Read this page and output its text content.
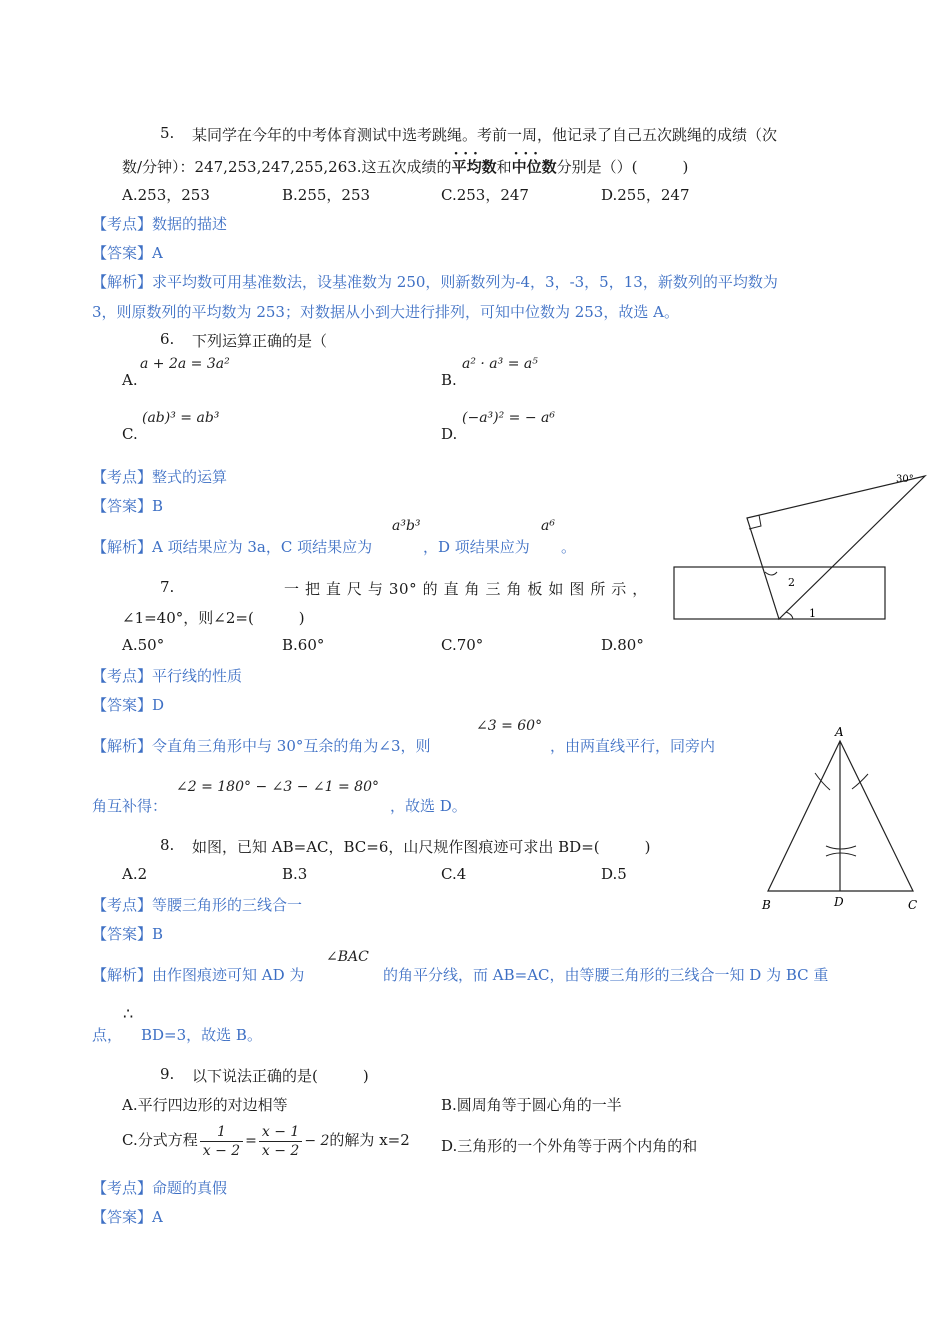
5. 某同学在今年的中考体育测试中选考跳绳。考前一周，他记录了自己五次跳绳的成绩（次
数/分钟）：247,253,247,255,263.这五次成绩的· · · 平均数和· · · 中位数分别是（）(　　　)
A.253，253	B.255，253	C.253，247	D.255，247
【考点】数据的描述
【答案】A
【解析】求平均数可用基准数法，设基准数为 250，则新数列为-4，3，-3，5，13，新数列的平均数为
3，则原数列的平均数为 253；对数据从小到大进行排列，可知中位数为 253，故选 A。
6. 下列运算正确的是（
A.
a + 2a = 3a²
B.
a² · a³ = a⁵
C.
(ab)³ = ab³
D.
(−a³)² = − a⁶
【考点】整式的运算
【答案】B
【解析】A 项结果应为 3a，C 项结果应为
a³b³
，D 项结果应为
a⁶
。
30°
2
1
7.	一 把 直 尺 与 30° 的 直 角 三 角 板 如 图 所 示 ，
∠1=40°，则∠2=(　　　)
A.50°	B.60°	C.70°	D.80°
【考点】平行线的性质
【答案】D
【解析】令直角三角形中与 30°互余的角为∠3，则
∠3 = 60°
，由两直线平行，同旁内
角互补得：
∠2 = 180° − ∠3 − ∠1 = 80°
，故选 D。
A
B	D	C
8. 如图，已知 AB=AC，BC=6，山尺规作图痕迹可求出 BD=(　　　)
A.2	B.3	C.4	D.5
【考点】等腰三角形的三线合一
【答案】B
【解析】由作图痕迹可知 AD 为
∠BAC
的角平分线，而 AB=AC，由等腰三角形的三线合一知 D 为 BC 重
点，
∴
BD=3，故选 B。
9. 以下说法正确的是(　　　)
A.平行四边形的对边相等	B.圆周角等于圆心角的一半
C.分式方程 $\frac{1}{x - 2} = \frac{x - 1}{x - 2} - 2$的解为 x=2 D.三角形的一个外角等于两个内角的和
【考点】命题的真假
【答案】A
